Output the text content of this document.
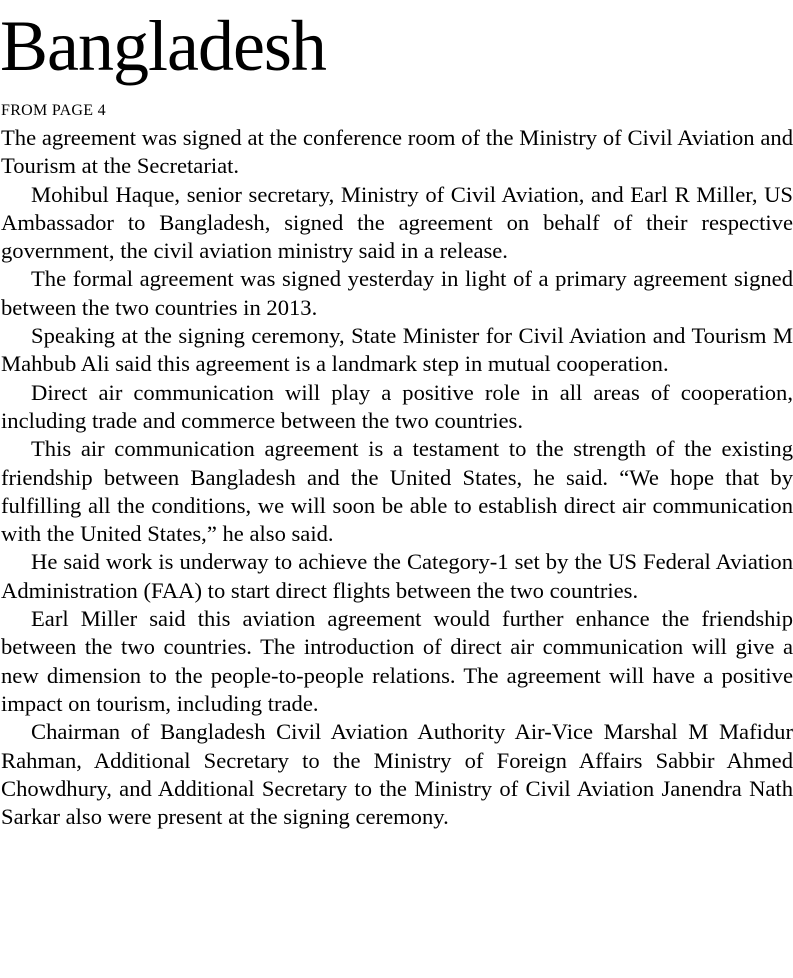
Bangladesh
FROM PAGE 4

The agreement was signed at the conference room of the Ministry of Civil Aviation and Tourism at the Secretariat.

Mohibul Haque, senior secretary, Ministry of Civil Aviation, and Earl R Miller, US Ambassador to Bangladesh, signed the agreement on behalf of their respective government, the civil aviation ministry said in a release.

The formal agreement was signed yesterday in light of a primary agreement signed between the two countries in 2013.

Speaking at the signing ceremony, State Minister for Civil Aviation and Tourism M Mahbub Ali said this agreement is a landmark step in mutual cooperation.

Direct air communication will play a positive role in all areas of cooperation, including trade and commerce between the two countries.

This air communication agreement is a testament to the strength of the existing friendship between Bangladesh and the United States, he said. “We hope that by fulfilling all the conditions, we will soon be able to establish direct air communication with the United States,” he also said.

He said work is underway to achieve the Category-1 set by the US Federal Aviation Administration (FAA) to start direct flights between the two countries.

Earl Miller said this aviation agreement would further enhance the friendship between the two countries. The introduction of direct air communication will give a new dimension to the people-to-people relations. The agreement will have a positive impact on tourism, including trade.

Chairman of Bangladesh Civil Aviation Authority Air-Vice Marshal M Mafidur Rahman, Additional Secretary to the Ministry of Foreign Affairs Sabbir Ahmed Chowdhury, and Additional Secretary to the Ministry of Civil Aviation Janendra Nath Sarkar also were present at the signing ceremony.
